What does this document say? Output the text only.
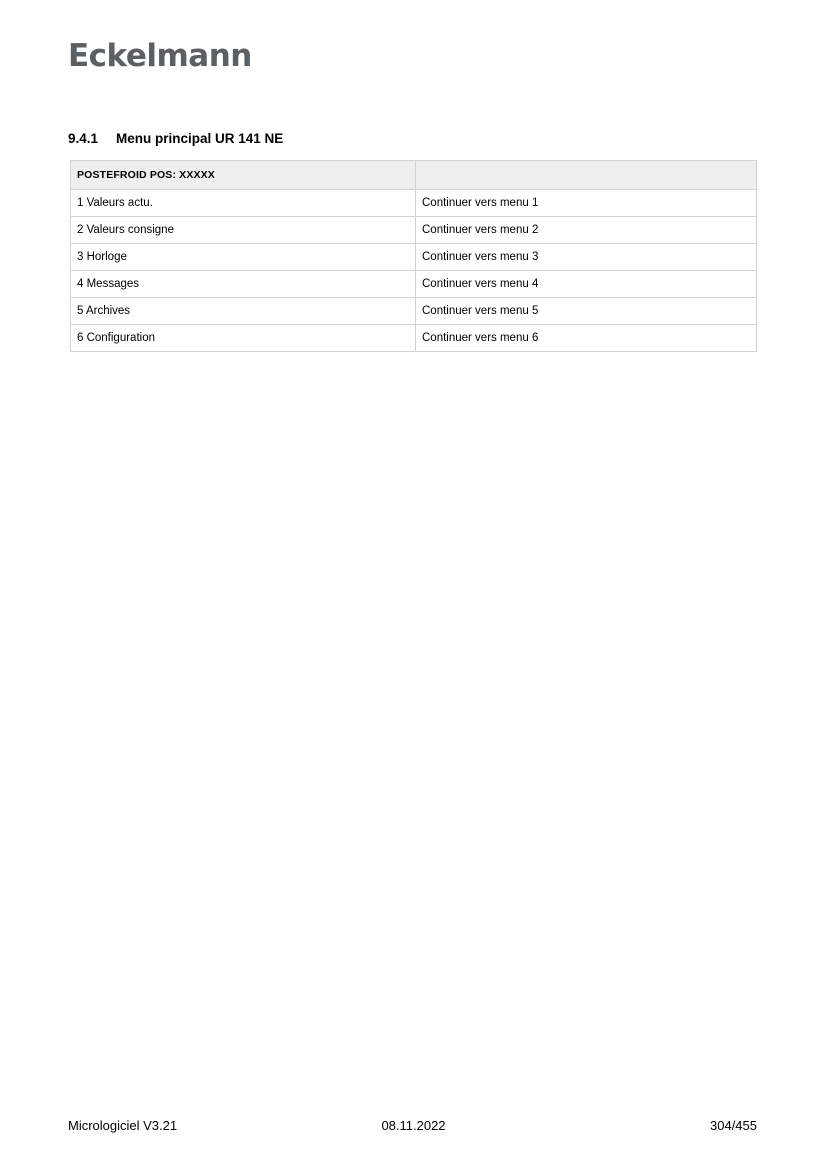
Eckelmann
9.4.1 Menu principal UR 141 NE
POSTEFROID POS: XXXXX	
1 Valeurs actu.	Continuer vers menu 1
2 Valeurs consigne	Continuer vers menu 2
3 Horloge	Continuer vers menu 3
4 Messages	Continuer vers menu 4
5 Archives	Continuer vers menu 5
6 Configuration	Continuer vers menu 6
Micrologiciel V3.21	08.11.2022	304/455
